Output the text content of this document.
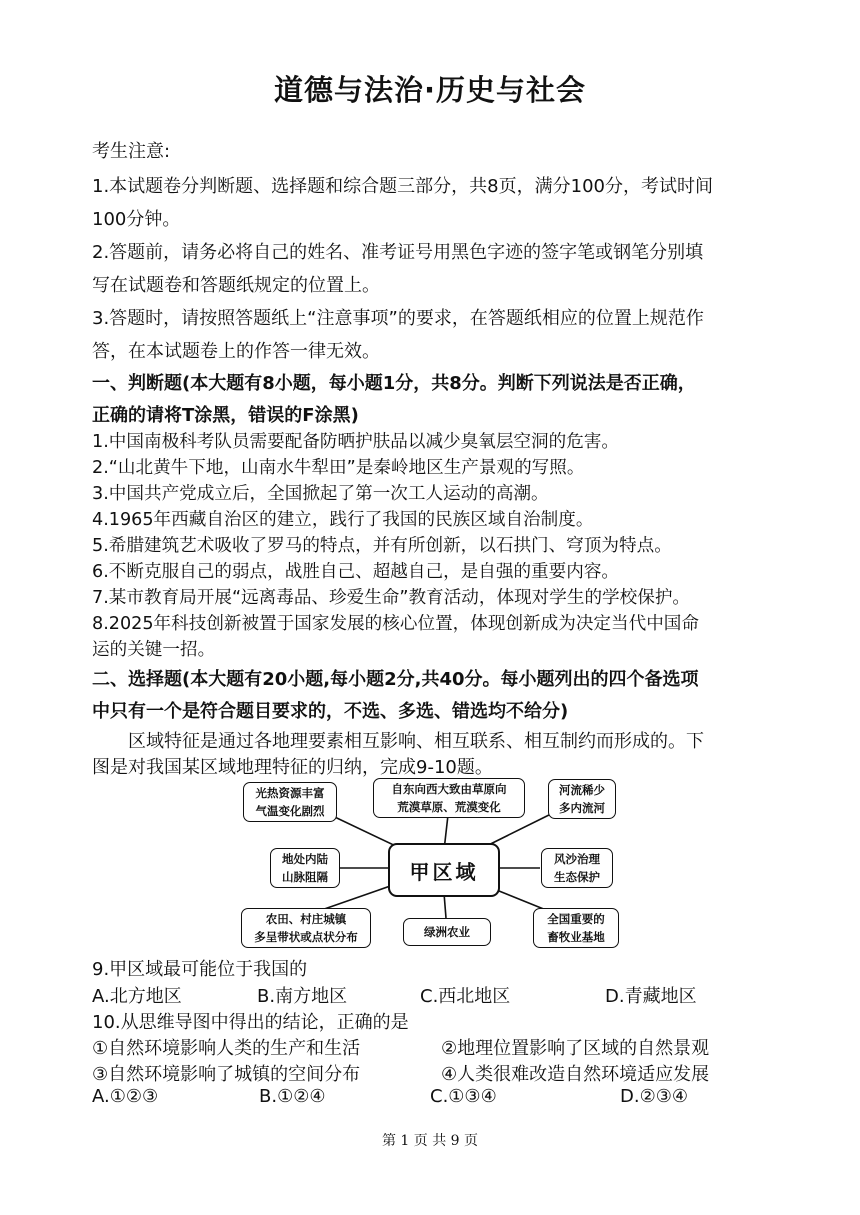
道德与法治·历史与社会
考生注意:
1.本试题卷分判断题、选择题和综合题三部分，共8页，满分100分，考试时间
100分钟。
2.答题前，请务必将自己的姓名、准考证号用黑色字迹的签字笔或钢笔分别填
写在试题卷和答题纸规定的位置上。
3.答题时，请按照答题纸上“注意事项”的要求，在答题纸相应的位置上规范作
答，在本试题卷上的作答一律无效。
一、判断题(本大题有8小题，每小题1分，共8分。判断下列说法是否正确，
正确的请将T涂黑，错误的F涂黑)
1.中国南极科考队员需要配备防晒护肤品以减少臭氧层空洞的危害。
2.“山北黄牛下地，山南水牛犁田”是秦岭地区生产景观的写照。
3.中国共产党成立后，全国掀起了第一次工人运动的高潮。
4.1965年西藏自治区的建立，践行了我国的民族区域自治制度。
5.希腊建筑艺术吸收了罗马的特点，并有所创新，以石拱门、穹顶为特点。
6.不断克服自己的弱点，战胜自己、超越自己，是自强的重要内容。
7.某市教育局开展“远离毒品、珍爱生命”教育活动，体现对学生的学校保护。
8.2025年科技创新被置于国家发展的核心位置，体现创新成为决定当代中国命
运的关键一招。
二、选择题(本大题有20小题,每小题2分,共40分。每小题列出的四个备选项
中只有一个是符合题目要求的，不选、多选、错选均不给分)
区域特征是通过各地理要素相互影响、相互联系、相互制约而形成的。下
图是对我国某区域地理特征的归纳，完成9-10题。
光热资源丰富
气温变化剧烈
自东向西大致由草原向
荒漠草原、荒漠变化
河流稀少
多内流河
地处内陆
山脉阻隔	甲区域
风沙治理
生态保护
农田、村庄城镇
多呈带状或点状分布	绿洲农业
全国重要的
畜牧业基地
9.甲区域最可能位于我国的
A.北方地区	B.南方地区	C.西北地区	D.青藏地区
10.从思维导图中得出的结论，正确的是
①自然环境影响人类的生产和生活	②地理位置影响了区域的自然景观
③自然环境影响了城镇的空间分布	④人类很难改造自然环境适应发展
A.①②③	B.①②④	C.①③④	D.②③④
第 1 页 共 9 页
